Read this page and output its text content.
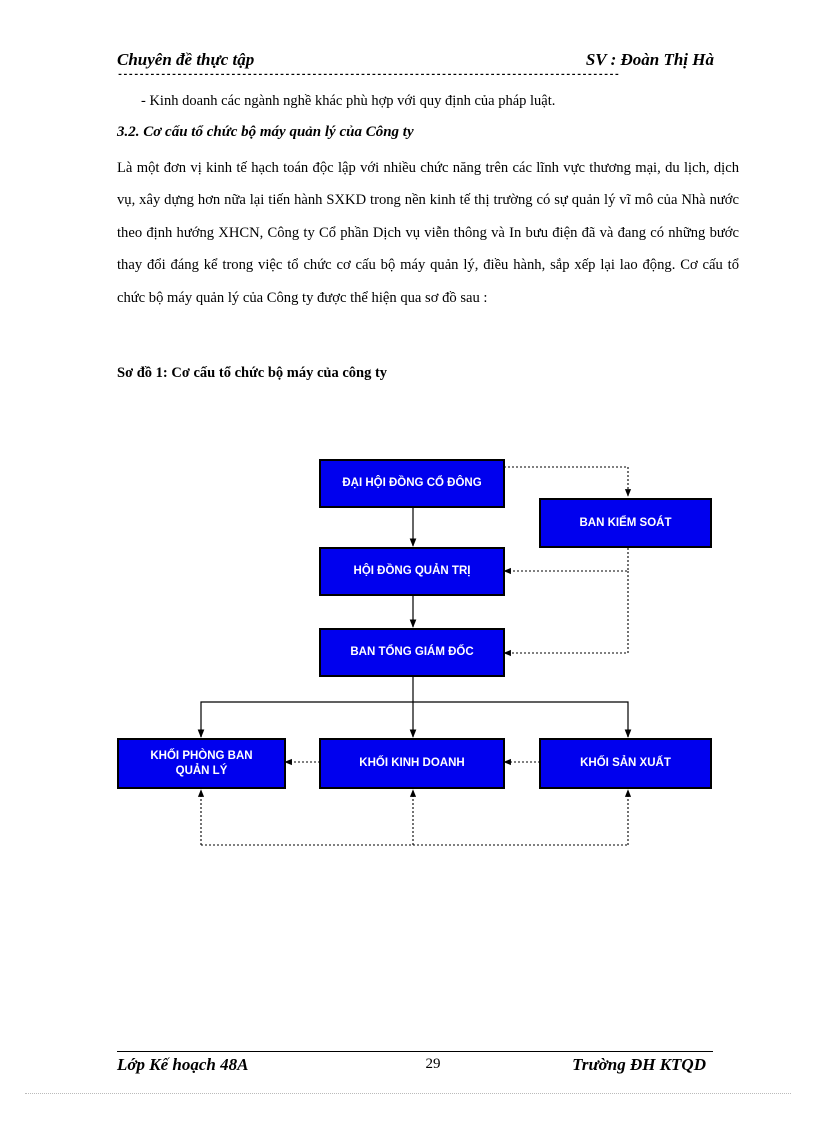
Chuyên đề thực tập	SV : Đoàn Thị Hà
---------------------------------------------------------------------------------------------
- Kinh doanh các ngành nghề khác phù hợp với quy định của pháp luật.
3.2. Cơ cấu tổ chức bộ máy quản lý của Công ty
Là một đơn vị kinh tế hạch toán độc lập với nhiều chức năng trên các lĩnh vực thương mại, du lịch, dịch vụ, xây dựng hơn nữa lại tiến hành SXKD trong nền kinh tế thị trường có sự quản lý vĩ mô của Nhà nước theo định hướng XHCN, Công ty Cổ phần Dịch vụ viễn thông và In bưu điện đã và đang có những bước thay đổi đáng kể trong việc tổ chức cơ cấu bộ máy quản lý, điều hành, sắp xếp lại lao động. Cơ cấu tổ chức bộ máy quản lý của Công ty được thể hiện qua sơ đồ sau :
Sơ đồ 1: Cơ cấu tổ chức bộ máy của công ty
ĐẠI HỘI ĐỒNG CỔ ĐÔNG
BAN KIỂM SOÁT
HỘI ĐỒNG QUẢN TRỊ
BAN TỔNG GIÁM ĐỐC
KHỐI PHÒNG BAN QUẢN LÝ
KHỐI KINH DOANH	KHỐI SẢN XUẤT
Lớp Kế hoạch 48A	29	Trường ĐH KTQD
